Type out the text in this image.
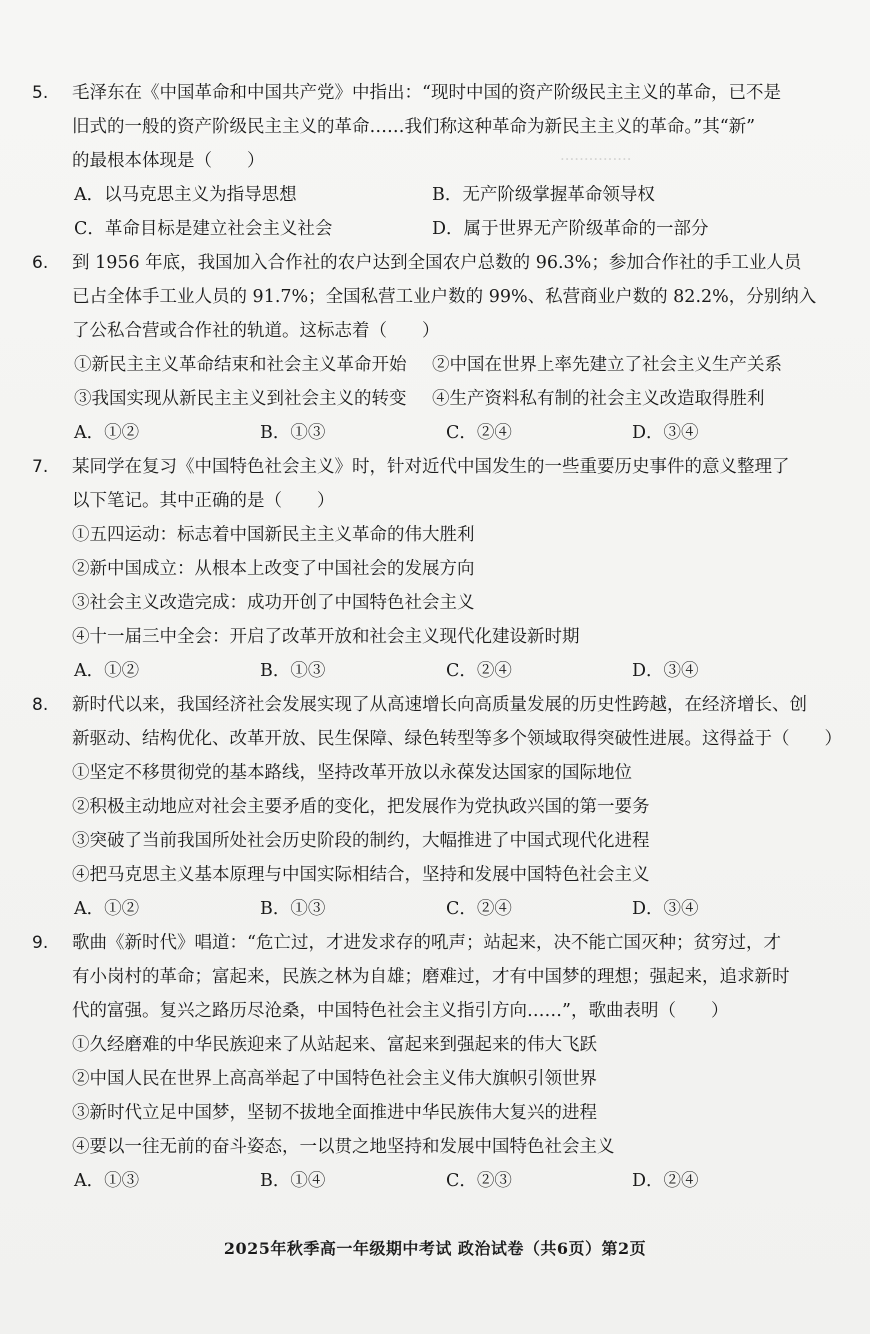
···············
5. 毛泽东在《中国革命和中国共产党》中指出：“现时中国的资产阶级民主主义的革命，已不是
旧式的一般的资产阶级民主主义的革命……我们称这种革命为新民主主义的革命。”其“新”
的最根本体现是（　　）
A．以马克思主义为指导思想	B．无产阶级掌握革命领导权
C．革命目标是建立社会主义社会	D．属于世界无产阶级革命的一部分
6. 到 1956 年底，我国加入合作社的农户达到全国农户总数的 96.3%；参加合作社的手工业人员
已占全体手工业人员的 91.7%；全国私营工业户数的 99%、私营商业户数的 82.2%，分别纳入
了公私合营或合作社的轨道。这标志着（　　）
①新民主主义革命结束和社会主义革命开始	②中国在世界上率先建立了社会主义生产关系
③我国实现从新民主主义到社会主义的转变	④生产资料私有制的社会主义改造取得胜利
A．①②	B．①③	C．②④	D．③④
7. 某同学在复习《中国特色社会主义》时，针对近代中国发生的一些重要历史事件的意义整理了
以下笔记。其中正确的是（　　）
①五四运动：标志着中国新民主主义革命的伟大胜利
②新中国成立：从根本上改变了中国社会的发展方向
③社会主义改造完成：成功开创了中国特色社会主义
④十一届三中全会：开启了改革开放和社会主义现代化建设新时期
A．①②	B．①③	C．②④	D．③④
8. 新时代以来，我国经济社会发展实现了从高速增长向高质量发展的历史性跨越，在经济增长、创
新驱动、结构优化、改革开放、民生保障、绿色转型等多个领域取得突破性进展。这得益于（　　）
①坚定不移贯彻党的基本路线，坚持改革开放以永葆发达国家的国际地位
②积极主动地应对社会主要矛盾的变化，把发展作为党执政兴国的第一要务
③突破了当前我国所处社会历史阶段的制约，大幅推进了中国式现代化进程
④把马克思主义基本原理与中国实际相结合，坚持和发展中国特色社会主义
A．①②	B．①③	C．②④	D．③④
9. 歌曲《新时代》唱道：“危亡过，才进发求存的吼声；站起来，决不能亡国灭种；贫穷过，才
有小岗村的革命；富起来，民族之林为自雄；磨难过，才有中国梦的理想；强起来，追求新时
代的富强。复兴之路历尽沧桑，中国特色社会主义指引方向……”，歌曲表明（　　）
①久经磨难的中华民族迎来了从站起来、富起来到强起来的伟大飞跃
②中国人民在世界上高高举起了中国特色社会主义伟大旗帜引领世界
③新时代立足中国梦，坚韧不拔地全面推进中华民族伟大复兴的进程
④要以一往无前的奋斗姿态，一以贯之地坚持和发展中国特色社会主义
A．①③	B．①④	C．②③	D．②④
2025年秋季高一年级期中考试 政治试卷（共6页）第2页
